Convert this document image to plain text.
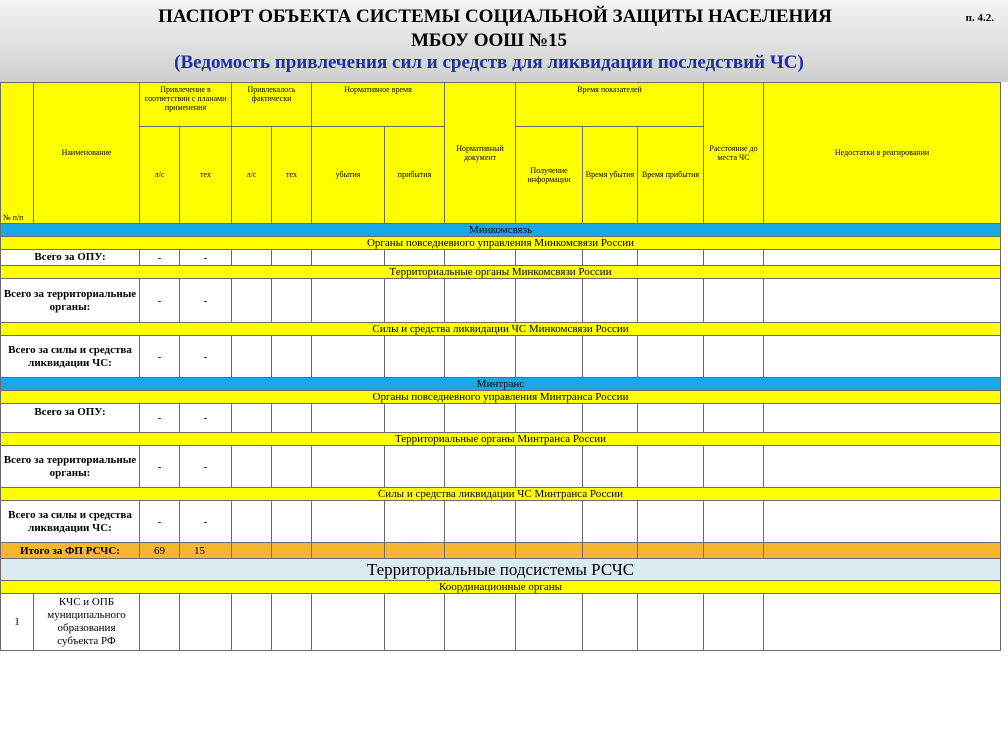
ПАСПОРТ ОБЪЕКТА СИСТЕМЫ СОЦИАЛЬНОЙ ЗАЩИТЫ НАСЕЛЕНИЯ
МБОУ ООШ №15
(Ведомость привлечения сил и средств для ликвидации последствий ЧС)
п. 4.2.
№ п/п	Наименование	Привлечение в соответствии с планами применения		Привлекалось фактически		Нормативное время		Нормативный документ	Время показателей			Расстояние до места ЧС	Недостатки в реагировании
		л/с	тех	л/с	тех	убытия	прибытия		Получение информации	Время убытия	Время прибытия		

Минкомсвязь													
Органы повседневного управления Минкомсвязи России													
Всего за ОПУ:		-	-										
Территориальные органы Минкомсвязи России													
Всего за территориальные органы:		-	-										
Силы и средства ликвидации ЧС Минкомсвязи России													
Всего за силы и средства ликвидации ЧС:		-	-										
Минтранс													
Органы повседневного управления Минтранса России													
Всего за ОПУ:		-	-										
Территориальные органы Минтранса России													
Всего за территориальные органы:		-	-										
Силы и средства ликвидации ЧС Минтранса России													
Всего за силы и средства ликвидации ЧС:		-	-										
Итого за ФП РСЧС:		69	15										
Территориальные подсистемы РСЧС													
Координационные органы													
1	КЧС и ОПБ муниципального образования субъекта РФ												
